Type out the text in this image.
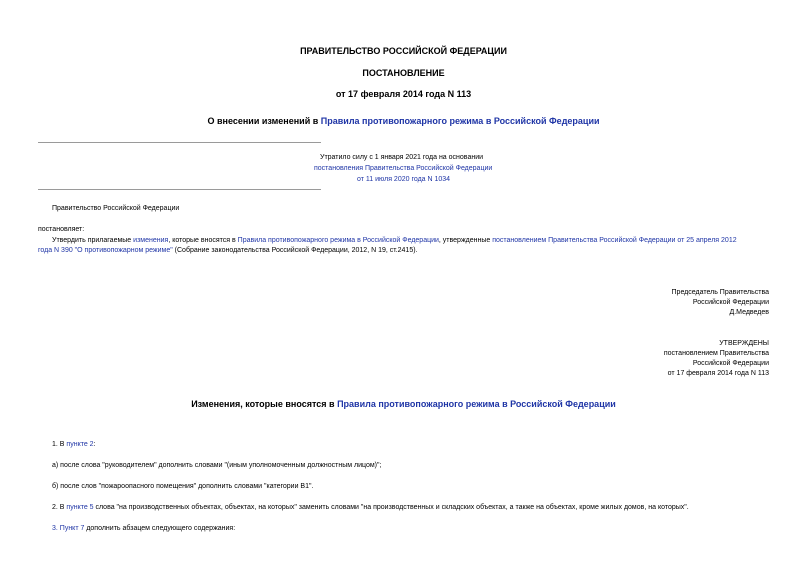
ПРАВИТЕЛЬСТВО РОССИЙСКОЙ ФЕДЕРАЦИИ
ПОСТАНОВЛЕНИЕ
от 17 февраля 2014 года N 113
О внесении изменений в Правила противопожарного режима в Российской Федерации
Утратило силу с 1 января 2021 года на основании
постановления Правительства Российской Федерации
от 11 июля 2020 года N 1034
Правительство Российской Федерации
постановляет:
Утвердить прилагаемые изменения, которые вносятся в Правила противопожарного режима в Российской Федерации, утвержденные постановлением Правительства Российской Федерации от 25 апреля 2012
года N 390 "О противопожарном режиме" (Собрание законодательства Российской Федерации, 2012, N 19, ст.2415).
Председатель Правительства
Российской Федерации
Д.Медведев
УТВЕРЖДЕНЫ
постановлением Правительства
Российской Федерации
от 17 февраля 2014 года N 113
Изменения, которые вносятся в Правила противопожарного режима в Российской Федерации
1. В пункте 2:
а) после слова "руководителем" дополнить словами "(иным уполномоченным должностным лицом)";
б) после слов "пожароопасного помещения" дополнить словами "категории В1".
2. В пункте 5 слова "на производственных объектах, объектах, на которых" заменить словами "на производственных и складских объектах, а также на объектах, кроме жилых домов, на которых".
3. Пункт 7 дополнить абзацем следующего содержания:
